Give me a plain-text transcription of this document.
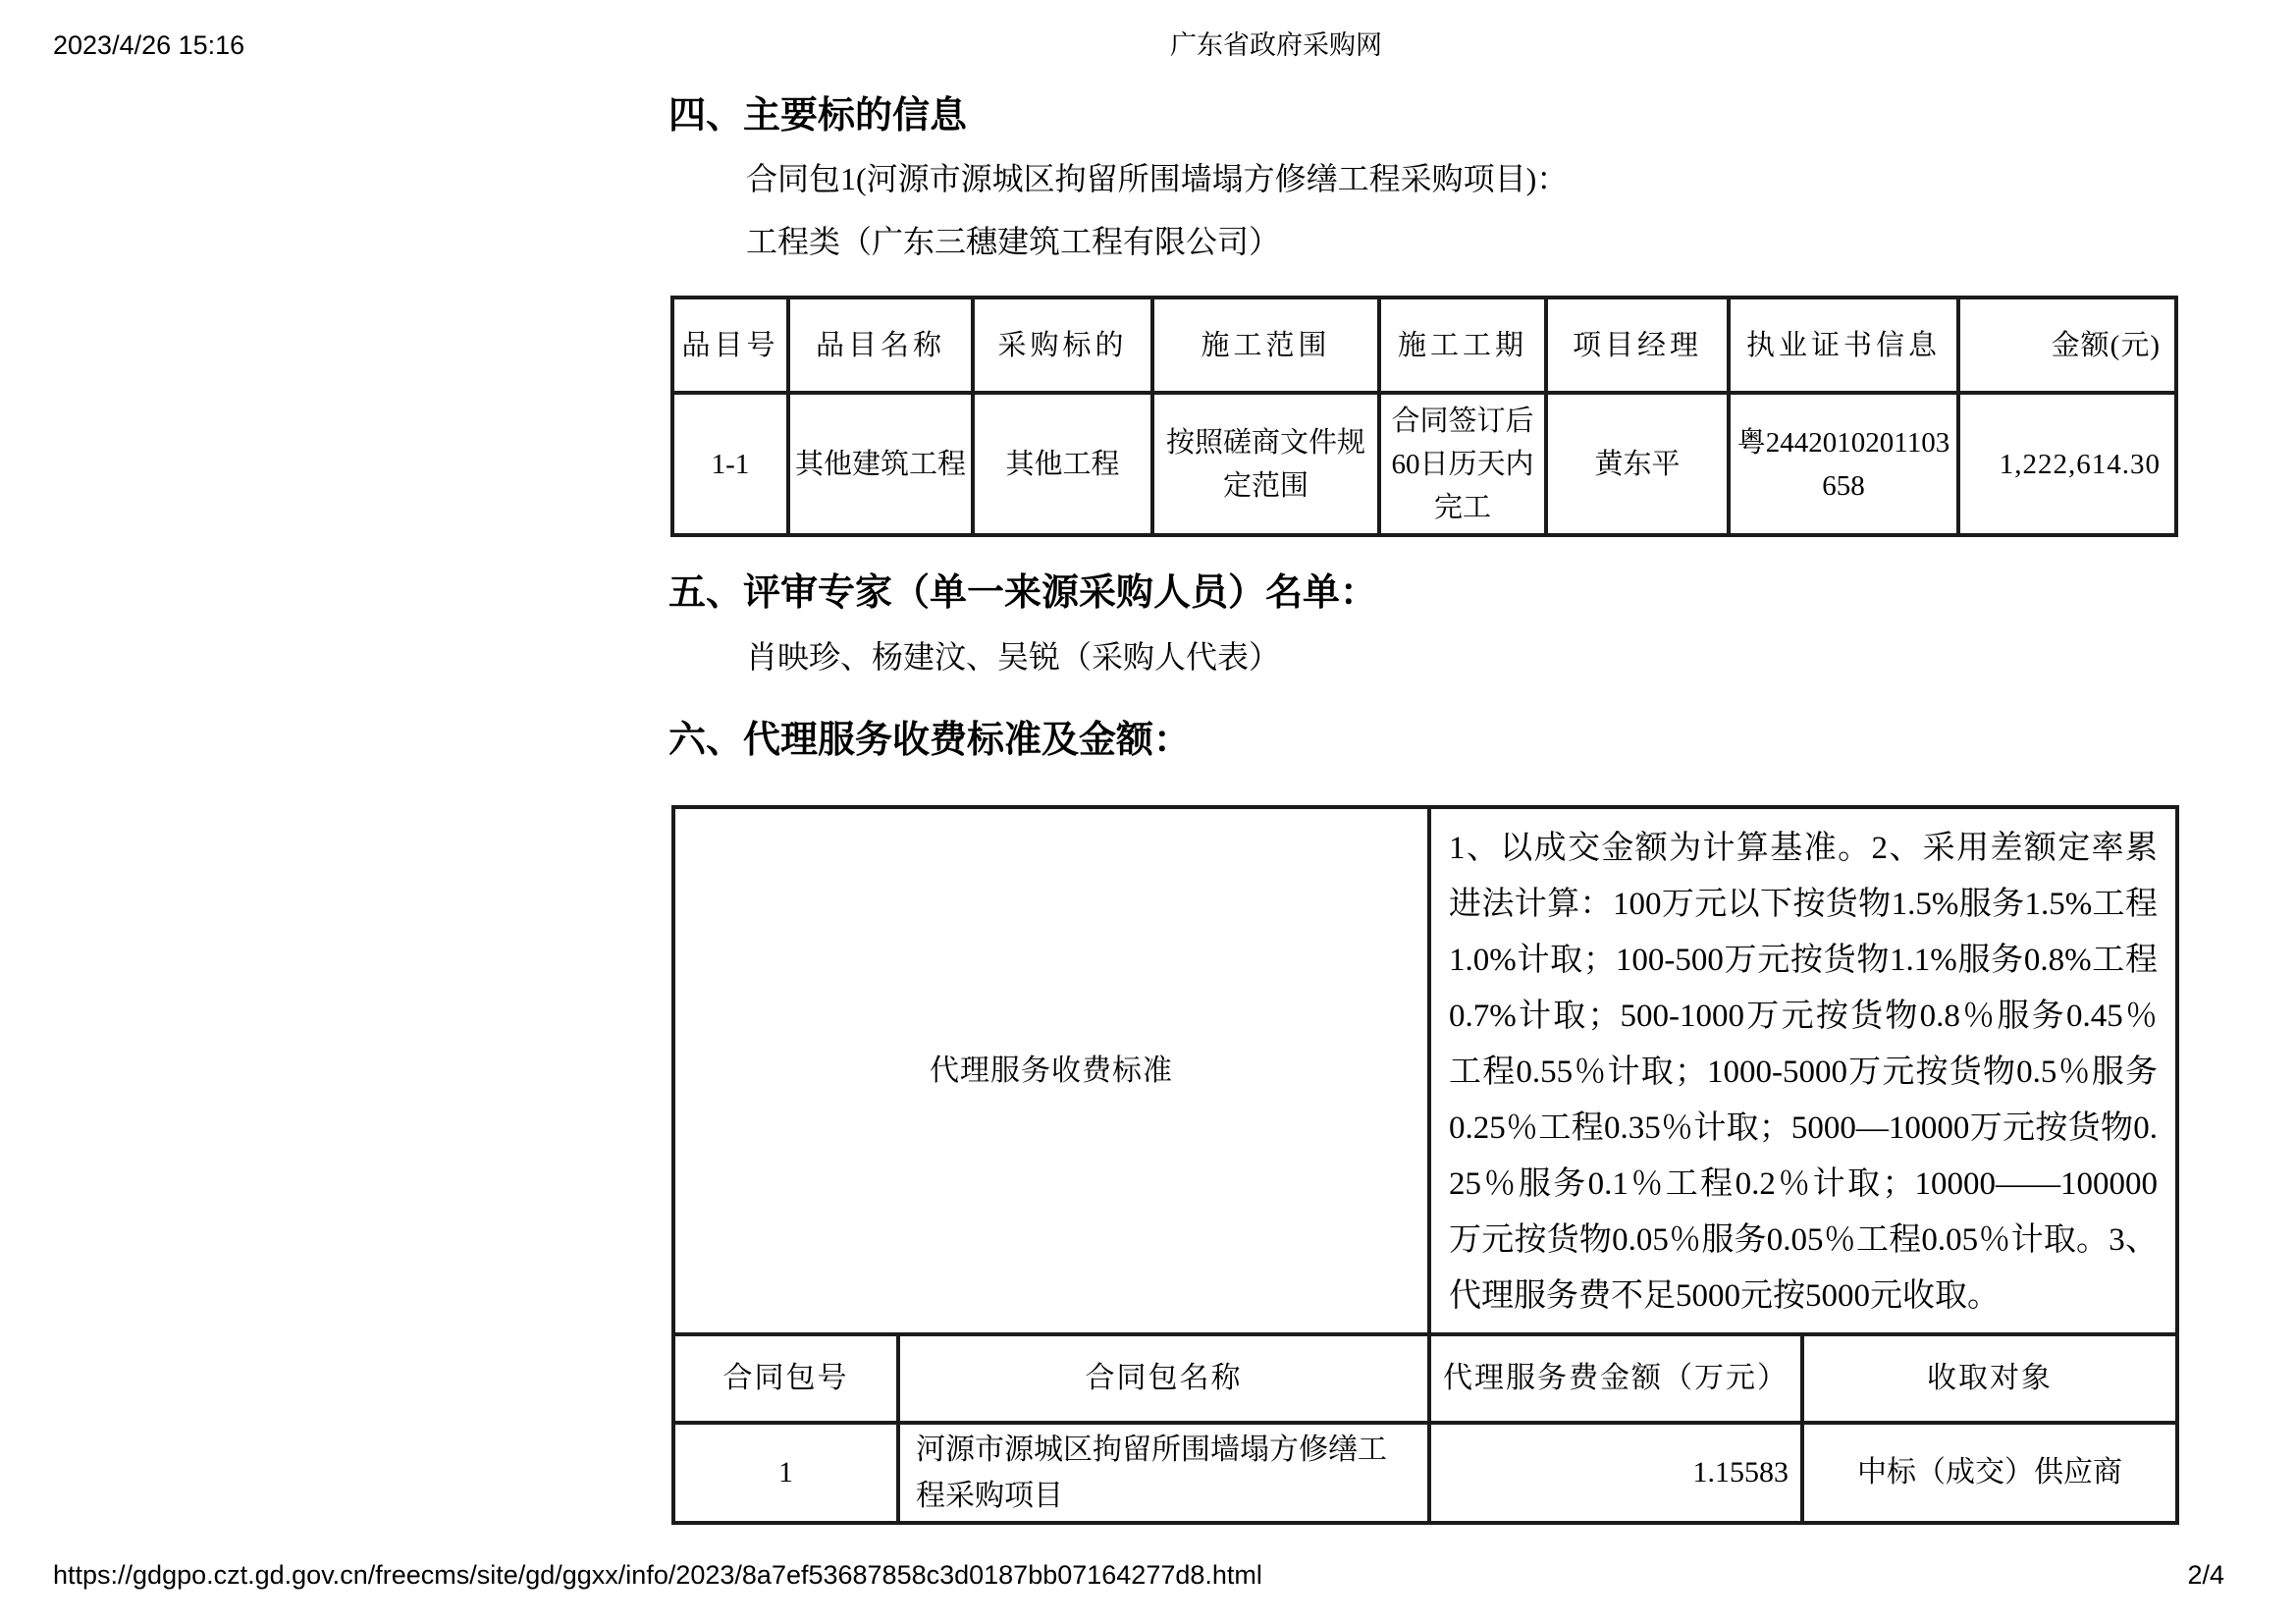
2023/4/26 15:16	广东省政府采购网
四、主要标的信息
合同包1(河源市源城区拘留所围墙塌方修缮工程采购项目)：
工程类（广东三穗建筑工程有限公司）
品目号	品目名称	采购标的	施工范围	施工工期	项目经理	执业证书信息	金额(元)
1-1	其他建筑工程	其他工程	按照磋商文件规定范围	合同签订后60日历天内完工	黄东平	粤2442010201103658	1,222,614.30
五、评审专家（单一来源采购人员）名单：
肖映珍、杨建汶、吴锐（采购人代表）
六、代理服务收费标准及金额：
代理服务收费标准		1、以成交金额为计算基准。2、采用差额定率累进法计算：100万元以下按货物1.5%服务1.5%工程1.0%计取；100-500万元按货物1.1%服务0.8%工程0.7%计取；500-1000万元按货物0.8％服务0.45％工程0.55％计取；1000-5000万元按货物0.5％服务0.25％工程0.35％计取；5000—10000万元按货物0.25％服务0.1％工程0.2％计取；10000——100000万元按货物0.05％服务0.05％工程0.05％计取。3、代理服务费不足5000元按5000元收取。	
合同包号	合同包名称	代理服务费金额（万元）	收取对象
1	河源市源城区拘留所围墙塌方修缮工程采购项目	1.15583	中标（成交）供应商
https://gdgpo.czt.gd.gov.cn/freecms/site/gd/ggxx/info/2023/8a7ef53687858c3d0187bb07164277d8.html	2/4
